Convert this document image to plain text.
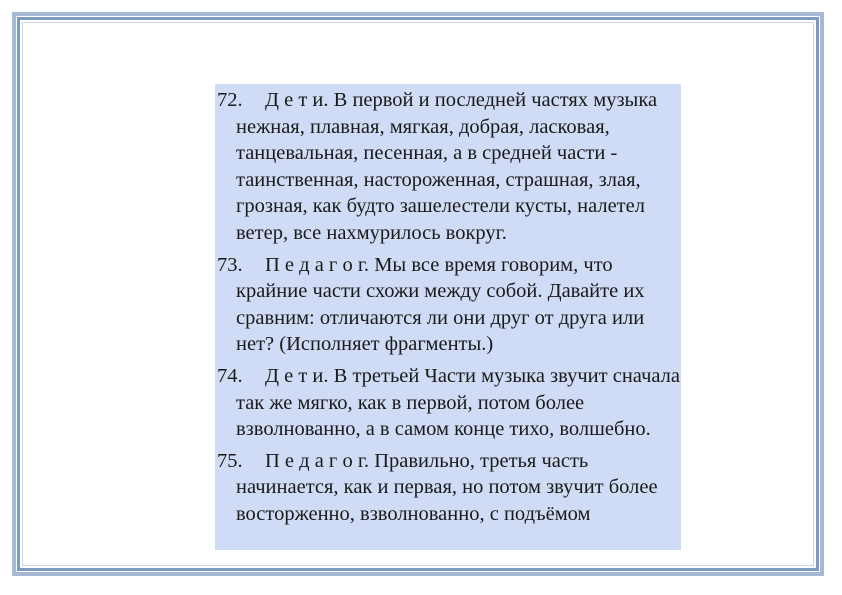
72. Д е т и. В первой и последней частях музыка нежная, плавная, мягкая, добрая, ласковая, танцевальная, песенная, а в средней части - таинственная, настороженная, страшная, злая, грозная, как будто зашелестели кусты, налетел ветер, все нахмурилось вокруг.

73. П е д а г о г. Мы все время говорим, что крайние части схожи между собой. Давайте их сравним: отличаются ли они друг от друга или нет? (Исполняет фрагменты.)

74. Д е т и. В третьей Части музыка звучит сначала так же мягко, как в первой, потом более взволнованно, а в самом конце тихо, волшебно.

75. П е д а г о г. Правильно, третья часть начинается, как и первая, но потом звучит более восторженно, взволнованно, с подъёмом
